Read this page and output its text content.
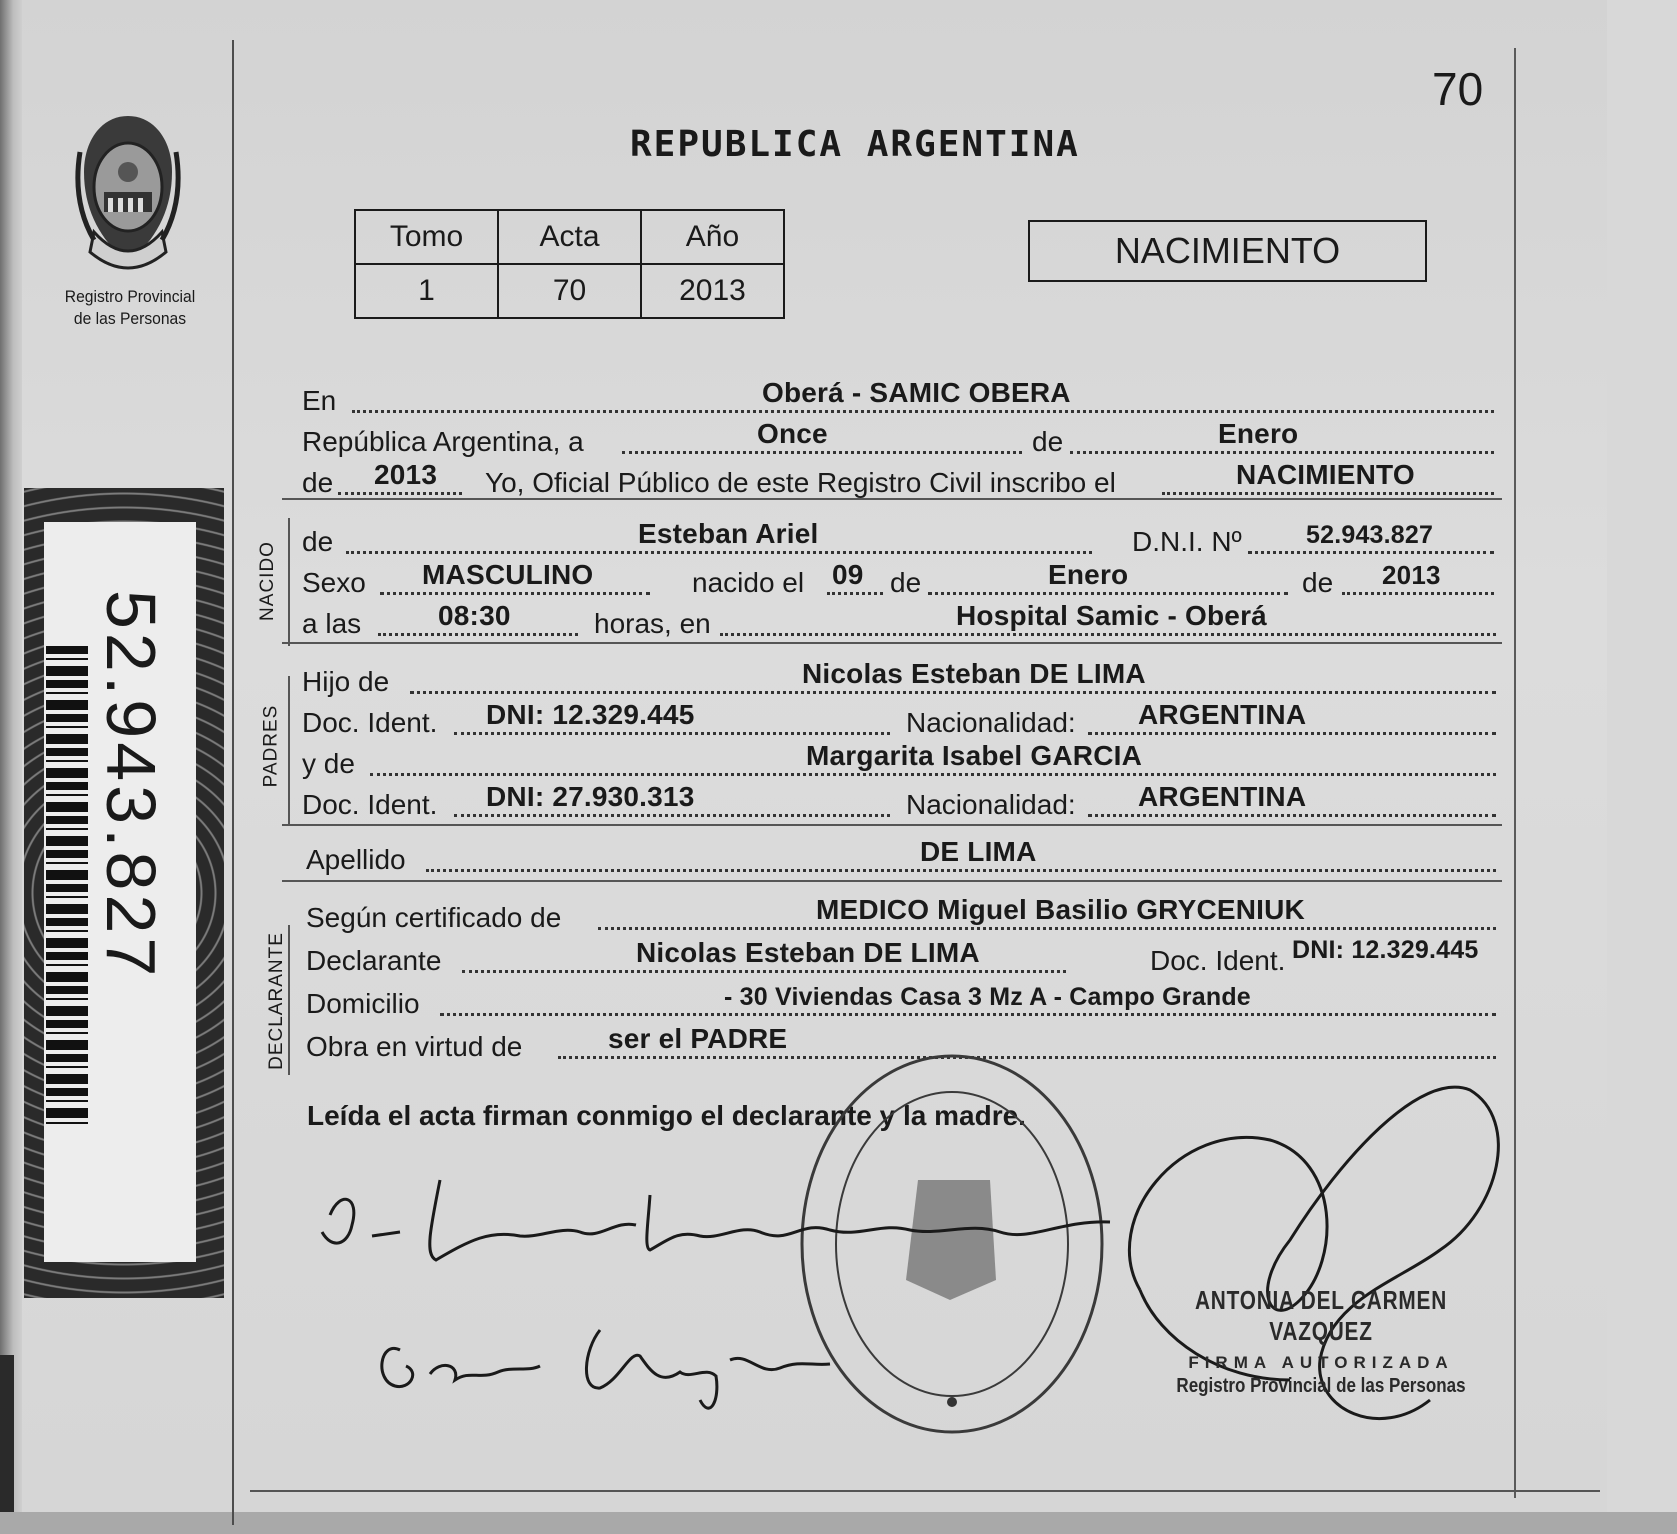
Registro Provincial de las Personas
52.943.827
70
REPUBLICA ARGENTINA
Tomo	Acta	Año
1	70	2013
NACIMIENTO
NACIDO
PADRES
DECLARANTE
En	Oberá - SAMIC OBERA
República Argentina, a	Once	de	Enero
de 2013 Yo, Oficial Público de este Registro Civil inscribo el	NACIMIENTO
de	Esteban Ariel	D.N.I. Nº	52.943.827
Sexo MASCULINO	nacido el 09 de	Enero	de 2013
a las	08:30	horas, en	Hospital Samic - Oberá
Hijo de	Nicolas Esteban DE LIMA
Doc. Ident. DNI: 12.329.445	Nacionalidad: ARGENTINA
y de	Margarita Isabel GARCIA
Doc. Ident. DNI: 27.930.313	Nacionalidad: ARGENTINA
Apellido	DE LIMA
Según certificado de	MEDICO Miguel Basilio GRYCENIUK
Declarante	Nicolas Esteban DE LIMA	Doc. Ident. DNI: 12.329.445
Domicilio	- 30 Viviendas Casa 3 Mz A - Campo Grande
Obra en virtud de	ser el PADRE
Leída el acta firman conmigo el declarante y la madre.
ANTONIA DEL CARMEN VAZQUEZ
FIRMA AUTORIZADA
Registro Provincial de las Personas
